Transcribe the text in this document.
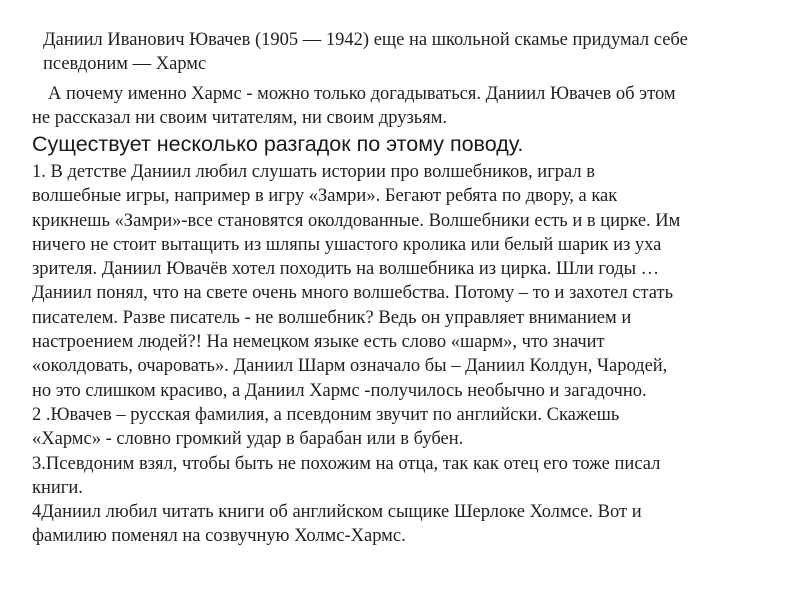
Даниил Иванович Ювачев (1905 — 1942) еще на школьной скамье придумал себе
псевдоним — Хармс
А почему именно Хармс - можно только догадываться. Даниил Ювачев об этом
не рассказал ни своим читателям, ни своим друзьям.
Существует несколько разгадок по этому поводу.
1. В детстве Даниил любил слушать истории про волшебников, играл в
волшебные игры, например в игру «Замри». Бегают ребята по двору, а как
крикнешь «Замри»-все становятся околдованные. Волшебники есть и в цирке. Им
ничего не стоит вытащить из шляпы ушастого кролика или белый шарик из уха
зрителя. Даниил Ювачёв хотел походить на волшебника из цирка. Шли годы …
Даниил понял, что на свете очень много волшебства. Потому – то и захотел стать
писателем. Разве писатель - не волшебник? Ведь он управляет вниманием и
настроением людей?! На немецком языке есть слово «шарм», что значит
«околдовать, очаровать». Даниил Шарм означало бы – Даниил Колдун, Чародей,
но это слишком красиво, а Даниил Хармс -получилось необычно и загадочно.
2 .Ювачев – русская фамилия, а псевдоним звучит по английски. Скажешь
«Хармс» - словно громкий удар в барабан или в бубен.
3.Псевдоним взял, чтобы быть не похожим на отца, так как отец его тоже писал
книги.
4Даниил любил читать книги об английском сыщике Шерлоке Холмсе. Вот и
фамилию поменял на созвучную Холмс-Хармс.
